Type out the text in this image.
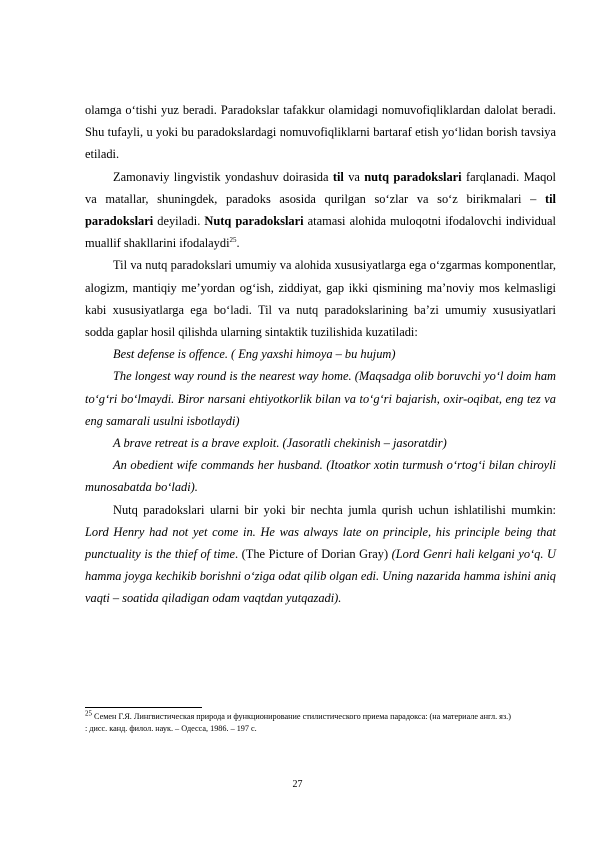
olamga o‘tishi yuz beradi. Paradokslar tafakkur olamidagi nomuvofiqliklardan dalolat beradi. Shu tufayli, u yoki bu paradokslardagi nomuvofiqliklarni bartaraf etish yo‘lidan borish tavsiya etiladi.

Zamonaviy lingvistik yondashuv doirasida til va nutq paradokslari farqlanadi. Maqol va matallar, shuningdek, paradoks asosida qurilgan so‘zlar va so‘z birikmalari – til paradokslari deyiladi. Nutq paradokslari atamasi alohida muloqotni ifodalovchi individual muallif shakllarini ifodalaydi$^{25}$.

Til va nutq paradokslari umumiy va alohida xususiyatlarga ega o‘zgarmas komponentlar, alogizm, mantiqiy me’yordan og‘ish, ziddiyat, gap ikki qismining ma’noviy mos kelmasligi kabi xususiyatlarga ega bo‘ladi. Til va nutq paradokslarining ba’zi umumiy xususiyatlari sodda gaplar hosil qilishda ularning sintaktik tuzilishida kuzatiladi:

Best defense is offence. ( Eng yaxshi himoya – bu hujum)

The longest way round is the nearest way home. (Maqsadga olib boruvchi yo‘l doim ham to‘g‘ri bo‘lmaydi. Biror narsani ehtiyotkorlik bilan va to‘g‘ri bajarish, oxir-oqibat, eng tez va eng samarali usulni isbotlaydi)

A brave retreat is a brave exploit. (Jasoratli chekinish – jasoratdir)

An obedient wife commands her husband. (Itoatkor xotin turmush o‘rtog‘i bilan chiroyli munosabatda bo‘ladi).

Nutq paradokslari ularni bir yoki bir nechta jumla qurish uchun ishlatilishi mumkin: Lord Henry had not yet come in. He was always late on principle, his principle being that punctuality is the thief of time. (The Picture of Dorian Gray) (Lord Genri hali kelgani yo‘q. U hamma joyga kechikib borishni o‘ziga odat qilib olgan edi. Uning nazarida hamma ishini aniq vaqti – soatida qiladigan odam vaqtdan yutqazadi).

$^{25}$ Семен Г.Я. Лингвистическая природа и функционирование стилистического приема парадокса: (на материале англ. яз.) : дисс. канд. филол. наук. – Одесса, 1986. – 197 с.

27
